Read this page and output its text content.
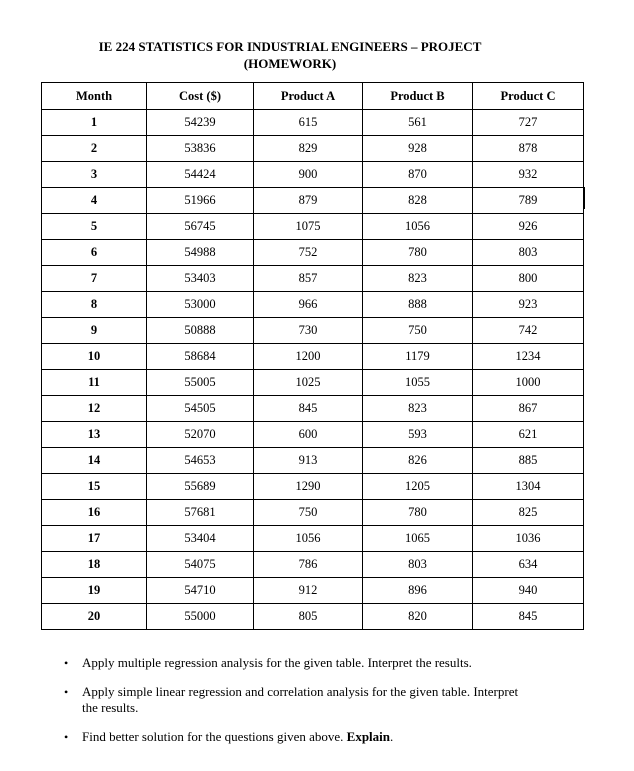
IE 224 STATISTICS FOR INDUSTRIAL ENGINEERS – PROJECT
(HOMEWORK)
Month	Cost ($)	Product A	Product B	Product C
1	54239	615	561	727
2	53836	829	928	878
3	54424	900	870	932
4	51966	879	828	789
5	56745	1075	1056	926
6	54988	752	780	803
7	53403	857	823	800
8	53000	966	888	923
9	50888	730	750	742
10	58684	1200	1179	1234
11	55005	1025	1055	1000
12	54505	845	823	867
13	52070	600	593	621
14	54653	913	826	885
15	55689	1290	1205	1304
16	57681	750	780	825
17	53404	1056	1065	1036
18	54075	786	803	634
19	54710	912	896	940
20	55000	805	820	845
• Apply multiple regression analysis for the given table. Interpret the results.
• Apply simple linear regression and correlation analysis for the given table. Interpret the results.
• Find better solution for the questions given above. Explain.
